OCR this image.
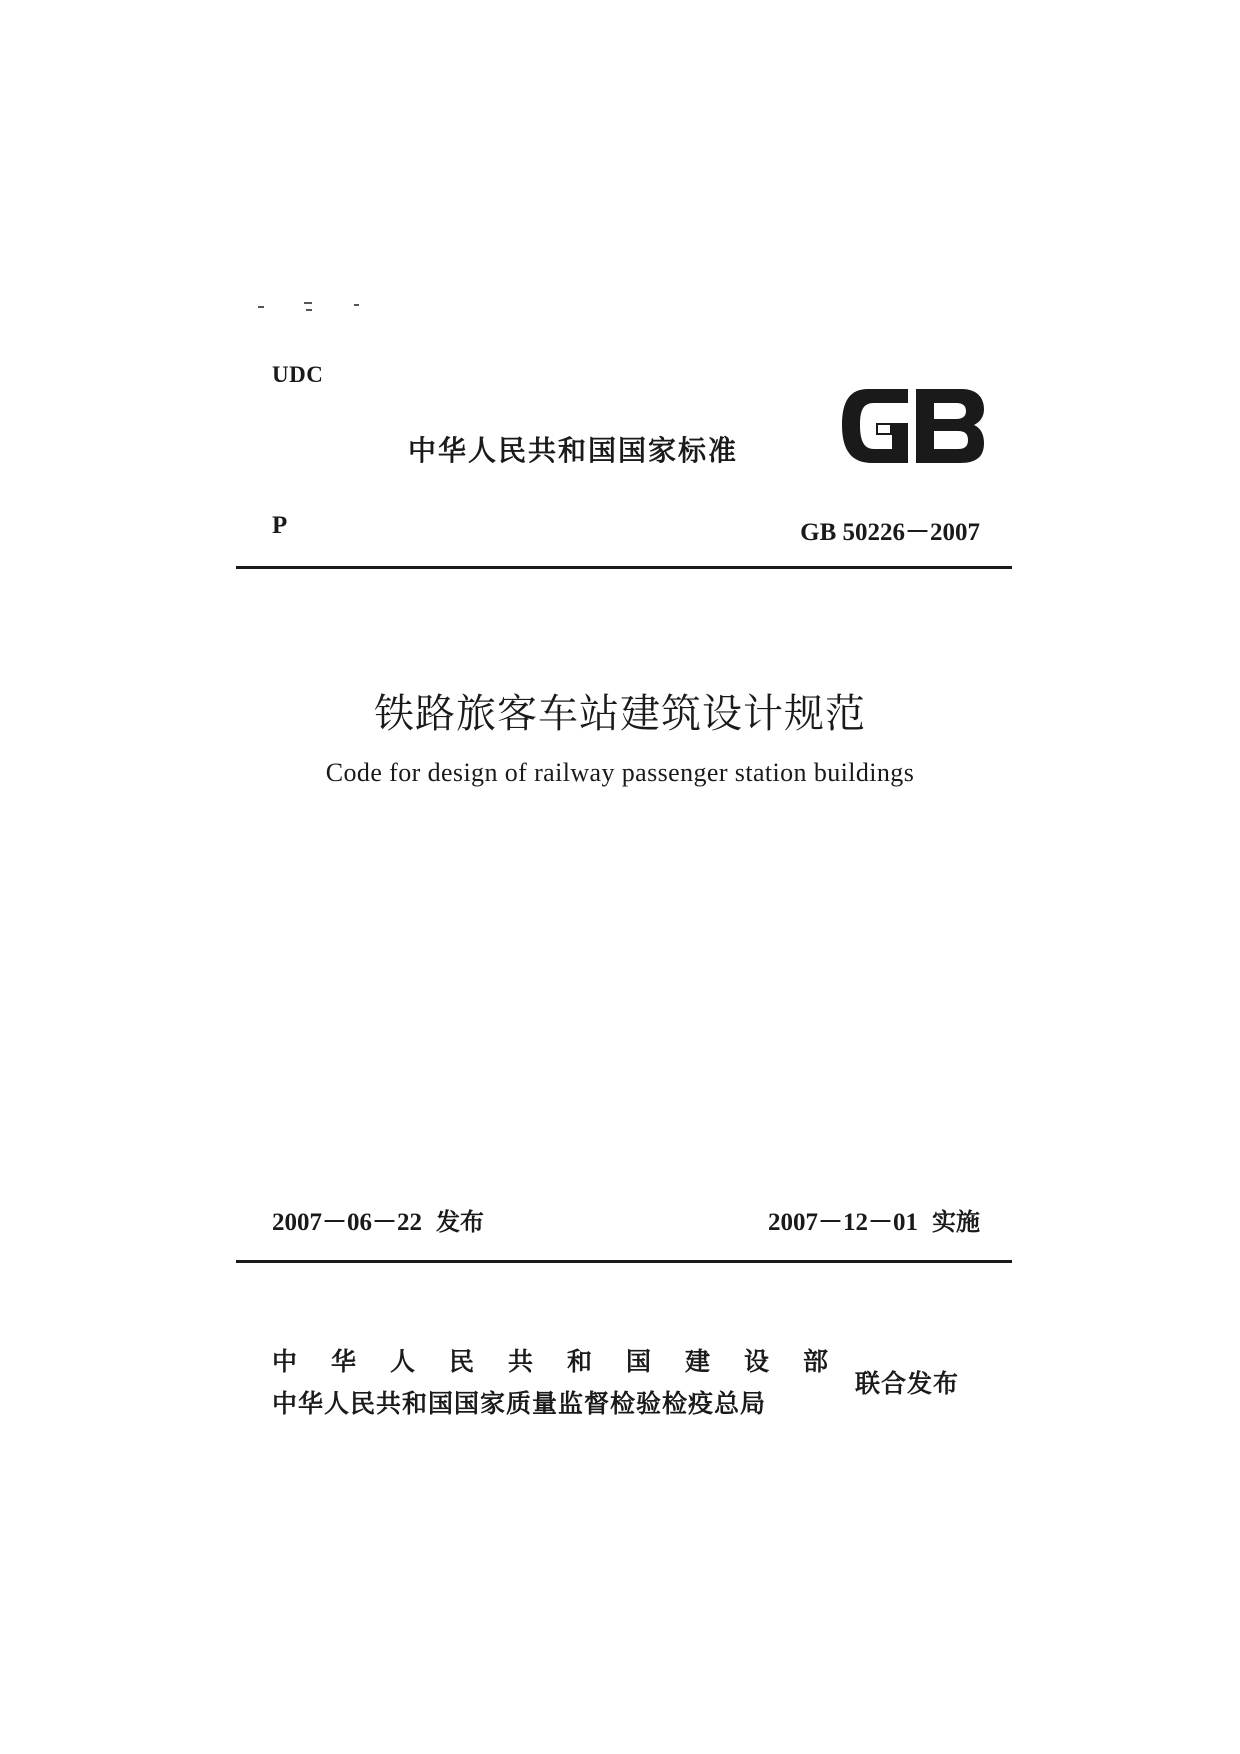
UDC
中华人民共和国国家标准
P	GB 50226－2007
铁路旅客车站建筑设计规范
Code for design of railway passenger station buildings
2007－06－22 发布	2007－12－01 实施
中华人民共和国建设部
中华人民共和国国家质量监督检验检疫总局
联合发布
